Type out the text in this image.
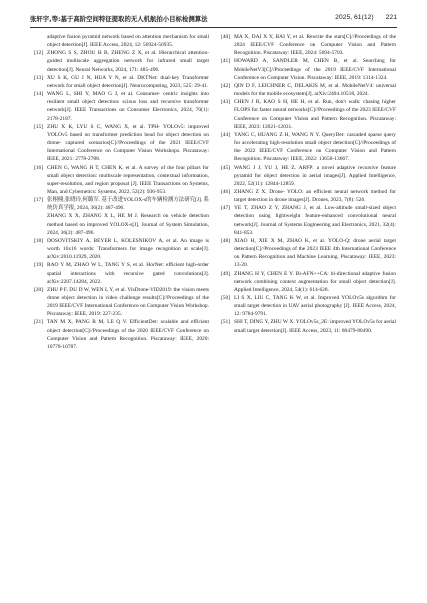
张轩宇,等:基于高阶空间特征提取的无人机航拍小目标检测算法	2025, 61(12) 221
adaptive fusion pyramid network based on attention mechanism for small object detection[J]. IEEE Access, 2024, 12: 56924-56935.
[12] ZHONG S S, ZHOU H B, ZHENG Z X, et al. Hierarchical attention- guided multiscale aggregation network for infrared small target detection[J]. Neural Networks, 2024, 171: 485-496.
[13] XU S K, GU J N, HUA Y N, et al. DKTNet: dual-key Transformer network for small object detection[J]. Neurocomputing, 2023, 525: 29-41.
[14] WANG L, SHI Y, MAO G J, et al. Consumer- centric insights into resilient small object detection: scious loss and recursive transformer network[J]. IEEE Transactions on Consumer Electronics, 2024, 70(1): 2178-2187.
[15] ZHU X K, LYU S C, WANG X, et al. TPH- YOLOv5: improved YOLOv5 based on transformer prediction head for object detection on drone- captured scenarios[C]//Proceedings of the 2021 IEEE/CVF International Conference on Computer Vision Workshops. Piscataway: IEEE, 2021: 2778-2788.
[16] CHEN G, WANG H T, CHEN K, et al. A survey of the four pillars for small object detection: multiscale representation, contextual information, super-resolution, and region proposal [J]. IEEE Transactions on Systems, Man, and Cybernetics: Systems, 2022, 52(2): 936-953.
[17] 张栩栩,张晓玲,何璐军. 基于改进YOLOX-s的车辆检测方法研究[J]. 系统仿真学报, 2024, 36(2): 487-496.
ZHANG X X, ZHANG X L, HE M J. Research on vehicle detection method based on improved YOLOX-s[J]. Journal of System Simulation, 2024, 36(2): 487-496.
[18] DOSOVITSKIY A, BEYER L, KOLESNIKOV A, et al. An image is worth 16x16 words: Transformers for image recognition at scale[J]. arXiv:2010.11929, 2020.
[19] RAO Y M, ZHAO W L, TANG Y S, et al. HorNet: efficient high-order spatial interactions with recursive gated convolutions[J]. arXiv:2207.14284, 2022.
[20] ZHU P F, DU D W, WEN L Y, et al. VisDrone-VID2019: the vision meets drone object detection in video challenge results[C]//Proceedings of the 2019 IEEE/CVF International Conference on Computer Vision Workshop. Piscataway: IEEE, 2019: 227-235.
[21] TAN M X, PANG R M, LE Q V. EfficientDet: scalable and efficient object detection[C]//Proceedings of the 2020 IEEE/CVF Conference on Computer Vision and Pattern Recognition. Piscataway: IEEE, 2020: 10778-10787.
[40] MA X, DAI X Y, BAI Y, et al. Rewrite the stars[C]//Proceedings of the 2024 IEEE/CVF Conference on Computer Vision and Pattern Recognition. Piscataway: IEEE, 2024: 5694-5703.
[41] HOWARD A, SANDLER M, CHEN B, et al. Searching for MobileNetV3[C]//Proceedings of the 2019 IEEE/CVF International Conference on Computer Vision. Piscataway: IEEE, 2019: 1314-1324.
[42] QIN D F, LEICHNER C, DELAKIS M, et al. MobileNetV4: universal models for the mobile ecosystem[J]. arXiv:2404.10518, 2024.
[43] CHEN J R, KAO S H, HE H, et al. Run, don't walk: chasing higher FLOPS for faster neural networks[C]//Proceedings of the 2023 IEEE/CVF Conference on Computer Vision and Pattern Recognition. Piscataway: IEEE, 2023: 12021-12031.
[44] YANG C, HUANG Z H, WANG N Y. QueryDet: cascaded sparse query for accelerating high-resolution small object detection[C]//Proceedings of the 2022 IEEE/CVF Conference on Computer Vision and Pattern Recognition. Piscataway: IEEE, 2022: 13658-13667.
[45] WANG J J, YU J, HE Z. ARFP: a novel adaptive recursive feature pyramid for object detection in aerial images[J]. Applied Intelligence, 2022, 52(11): 12844-12859.
[46] ZHANG Z X. Drone- YOLO: an efficient neural network method for target detection in drone images[J]. Drones, 2023, 7(8): 526.
[47] YE T, ZHAO Z Y, ZHANG J, et al. Low-altitude small-sized object detection using lightweight feature-enhanced convolutional neural network[J]. Journal of Systems Engineering and Electronics, 2021, 32(4): 841-853.
[48] XIAO H, XIE X M, ZHAO K, et al. YOLO-Q: drone aerial target detection[C]//Proceedings of the 2023 IEEE 4th International Conference on Pattern Recognition and Machine Learning. Piscataway: IEEE, 2023: 13-20.
[49] ZHANG H Y, CHEN E Y. Bi-AFN++CA: bi-directional adaptive fusion network combining context augmentation for small object detection[J]. Applied Intelligence, 2024, 54(1): 614-628.
[50] LI S X, LIU C, TANG K W, et al. Improved YOLOv5s algorithm for small target detection in UAV aerial photography [J]. IEEE Access, 2024, 12: 9784-9791.
[51] SHI T, DING Y, ZHU W X. YOLOv5s_2E: improved YOLOv5s for aerial small target detection[J]. IEEE Access, 2023, 11: 80479-80490.
